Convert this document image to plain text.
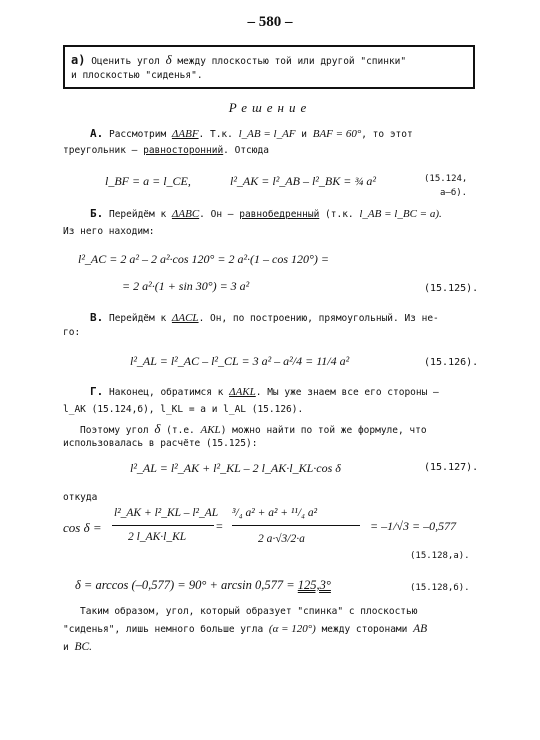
– 580 –
a) Оценить угол δ между плоскостью той или другой "спинки"
и плоскостью "сиденья".
Решение
А. Рассмотрим ΔABF. Т.к. l_AB = l_AF и BAF = 60°, то этот
треугольник – равносторонний. Отсюда
l_BF = a = l_CE,	l²_AK = l²_AB – l²_BK = ¾ a²	(15.124,
а–б).
Б. Перейдём к ΔABC. Он – равнобедренный (т.к. l_AB = l_BC = a).
Из него находим:
l²_AC = 2 a² – 2 a²·cos 120° = 2 a²·(1 – cos 120°) =
= 2 a²·(1 + sin 30°) = 3 a²	(15.125).
В. Перейдём к ΔACL. Он, по построению, прямоугольный. Из не-
го:
l²_AL = l²_AC – l²_CL = 3 a² – a²/4 = 11/4 a²	(15.126).
Г. Наконец, обратимся к ΔAKL. Мы уже знаем все его стороны –
l_AK (15.124,б), l_KL = a и l_AL (15.126).
Поэтому угол δ (т.е. AKL) можно найти по той же формуле, что
использовалась в расчёте (15.125):
l²_AL = l²_AK + l²_KL – 2 l_AK·l_KL·cos δ	(15.127).
откуда
cos δ =
l²_AK + l²_KL – l²_AL
2 l_AK·l_KL
=
³/₄ a² + a² + ¹¹/₄ a²
2 a·√3/2·a
= –1/√3 = –0,577
(15.128,а).
δ = arccos (–0,577) = 90° + arcsin 0,577 = 125,3°	(15.128,б).
Таким образом, угол, который образует "спинка" с плоскостью
"сиденья", лишь немного больше угла (α = 120°) между сторонами AB
и BC.
